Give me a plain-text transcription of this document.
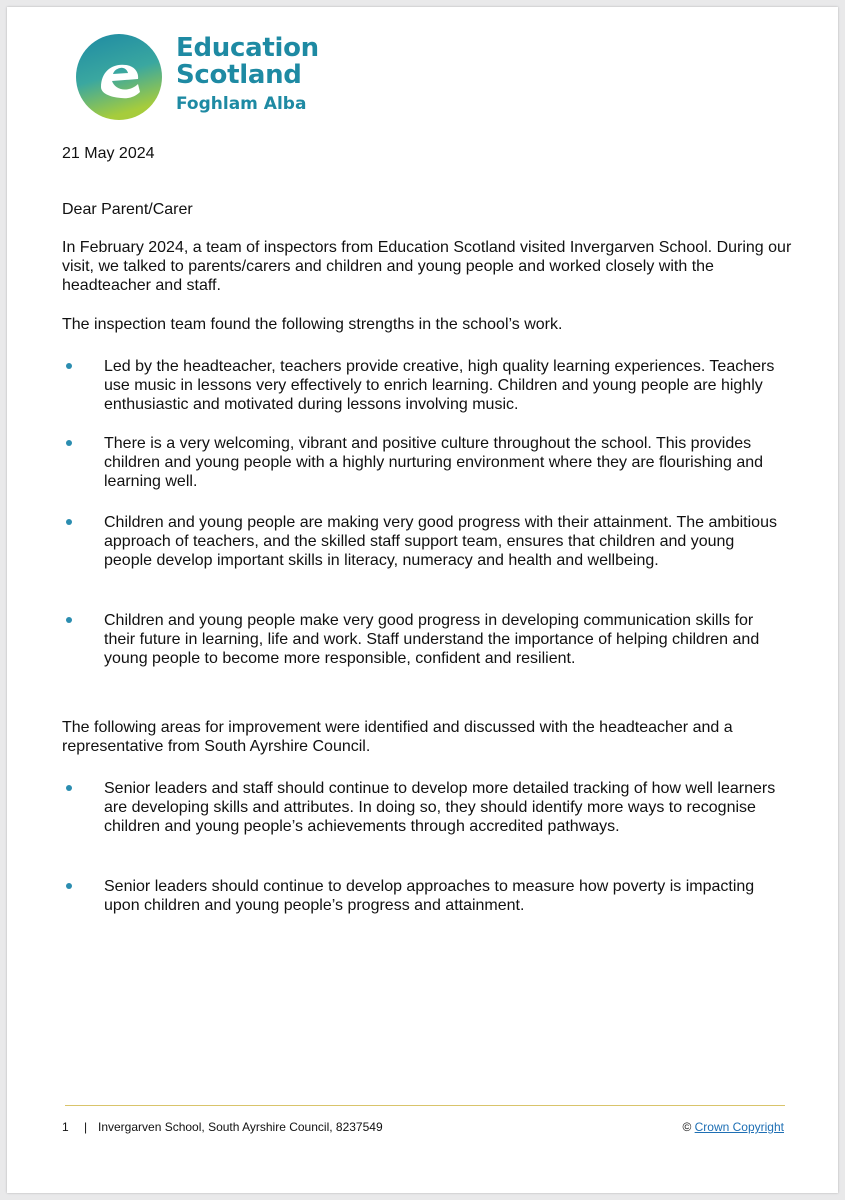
Education
Scotland
Foghlam Alba

21 May 2024

Dear Parent/Carer

In February 2024, a team of inspectors from Education Scotland visited Invergarven School. During our visit, we talked to parents/carers and children and young people and worked closely with the headteacher and staff.

The inspection team found the following strengths in the school’s work.

Led by the headteacher, teachers provide creative, high quality learning experiences. Teachers use music in lessons very effectively to enrich learning. Children and young people are highly enthusiastic and motivated during lessons involving music.
There is a very welcoming, vibrant and positive culture throughout the school. This provides children and young people with a highly nurturing environment where they are flourishing and learning well.
Children and young people are making very good progress with their attainment. The ambitious approach of teachers, and the skilled staff support team, ensures that children and young people develop important skills in literacy, numeracy and health and wellbeing.
Children and young people make very good progress in developing communication skills for their future in learning, life and work. Staff understand the importance of helping children and young people to become more responsible, confident and resilient.

The following areas for improvement were identified and discussed with the headteacher and a representative from South Ayrshire Council.

Senior leaders and staff should continue to develop more detailed tracking of how well learners are developing skills and attributes. In doing so, they should identify more ways to recognise children and young people’s achievements through accredited pathways.
Senior leaders should continue to develop approaches to measure how poverty is impacting upon children and young people’s progress and attainment.
1 | Invergarven School, South Ayrshire Council, 8237549	© Crown Copyright
